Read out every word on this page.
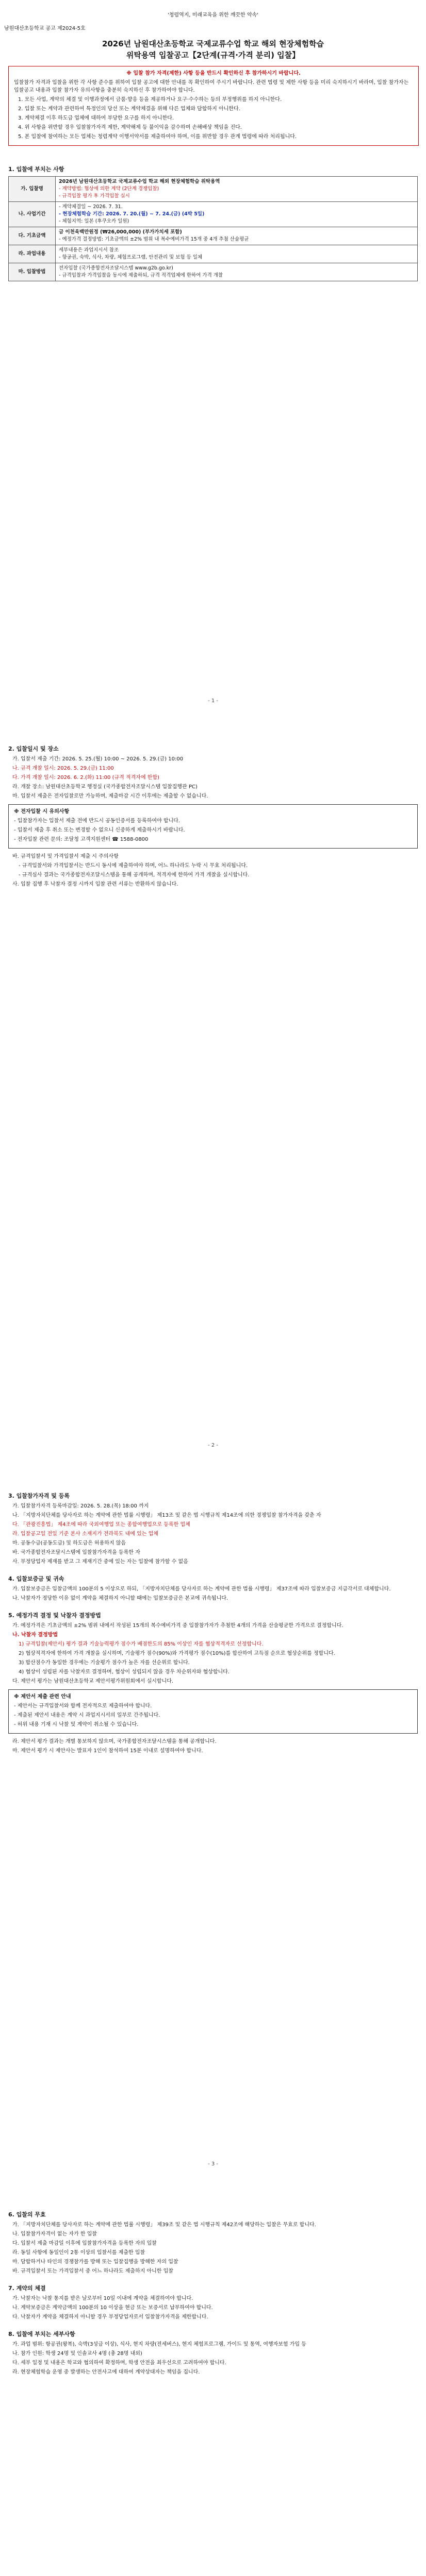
'청렴역지, 미래교육을 위한 깨끗한 약속'
남원대산초등학교 공고 제2024-5호
2026년 남원대산초등학교 국제교류수업 학교 해외 현장체험학습
위탁용역 입찰공고【2단계(규격·가격 분리) 입찰】
※ 입찰 참가 자격(제한) 사항 등을 반드시 확인하신 후 참가하시기 바랍니다.
입찰참가 자격과 입찰을 위한 각 사항 준수를 위하여 입찰 공고에 대한 안내를 꼭 확인하여 주시기 바랍니다. 관련 법령 및 제한 사항 등을 미리 숙지하시기 바라며, 입찰 참가자는 입찰공고 내용과 입찰 참가자 유의사항을 충분히 숙지하신 후 참가하여야 합니다.
1. 모든 사업, 계약의 체결 및 이행과정에서 금품·향응 등을 제공하거나 요구·수수하는 등의 부정행위를 하지 아니한다.
2. 입찰 또는 계약과 관련하여 특정인의 당선 또는 계약체결을 위해 다른 업체와 담합하지 아니한다.
3. 계약체결 이후 하도급 업체에 대하여 부당한 요구를 하지 아니한다.
4. 위 사항을 위반할 경우 입찰참가자격 제한, 계약해제 등 불이익을 감수하며 손해배상 책임을 진다.
5. 본 입찰에 참여하는 모든 업체는 청렴계약 이행서약서를 제출하여야 하며, 이를 위반할 경우 관계 법령에 따라 처리됩니다.
1. 입찰에 부치는 사항
가. 입찰명	2026년 남원대산초등학교 국제교류수업 학교 해외 현장체험학습 위탁용역
- 계약방법: 협상에 의한 계약 (2단계 경쟁입찰)
- 규격입찰 평가 후 가격입찰 실시

나. 사업기간	- 계약체결일 ~ 2026. 7. 31.
- 현장체험학습 기간: 2026. 7. 20.(월) ~ 7. 24.(금) (4박 5일)
- 체험지역: 일본 (후쿠오카 일원)

다. 기초금액	금 이천육백만원정 (₩26,000,000) (부가가치세 포함)
- 예정가격 결정방법: 기초금액의 ±2% 범위 내 복수예비가격 15개 중 4개 추첨 산술평균

라. 과업내용	세부내용은 과업지시서 참조
- 항공권, 숙박, 식사, 차량, 체험프로그램, 안전관리 및 보험 등 일체

마. 입찰방법	전자입찰 (국가종합전자조달시스템 www.g2b.go.kr)
- 규격입찰과 가격입찰을 동시에 제출하되, 규격 적격업체에 한하여 가격 개찰
- 1 -
2. 입찰일시 및 장소
가. 입찰서 제출 기간: 2026. 5. 25.(월) 10:00 ~ 2026. 5. 29.(금) 10:00
나. 규격 개찰 일시: 2026. 5. 29.(금) 11:00
다. 가격 개찰 일시: 2026. 6. 2.(화) 11:00 (규격 적격자에 한함)
라. 개찰 장소: 남원대산초등학교 행정실 (국가종합전자조달시스템 입찰집행관 PC)
마. 입찰서 제출은 전자입찰로만 가능하며, 제출마감 시간 이후에는 제출할 수 없습니다.
※ 전자입찰 시 유의사항
- 입찰참가자는 입찰서 제출 전에 반드시 공동인증서를 등록하여야 합니다.
- 입찰서 제출 후 취소 또는 변경할 수 없으니 신중하게 제출하시기 바랍니다.
- 전자입찰 관련 문의: 조달청 고객지원센터 ☎ 1588-0800
바. 규격입찰서 및 가격입찰서 제출 시 주의사항
- 규격입찰서와 가격입찰서는 반드시 동시에 제출하여야 하며, 어느 하나라도 누락 시 무효 처리됩니다.
- 규격심사 결과는 국가종합전자조달시스템을 통해 공개하며, 적격자에 한하여 가격 개찰을 실시합니다.
사. 입찰 집행 후 낙찰자 결정 시까지 입찰 관련 서류는 반환하지 않습니다.
- 2 -
3. 입찰참가자격 및 등록
가. 입찰참가자격 등록마감일: 2026. 5. 28.(목) 18:00 까지
나. 「지방자치단체를 당사자로 하는 계약에 관한 법률 시행령」 제13조 및 같은 법 시행규칙 제14조에 의한 경쟁입찰 참가자격을 갖춘 자
다. 「관광진흥법」 제4조에 따라 국외여행업 또는 종합여행업으로 등록한 업체
라. 입찰공고일 전일 기준 본사 소재지가 전라북도 내에 있는 업체
마. 공동수급(공동도급) 및 하도급은 허용하지 않음
바. 국가종합전자조달시스템에 입찰참가자격을 등록한 자
사. 부정당업자 제재를 받고 그 제재기간 중에 있는 자는 입찰에 참가할 수 없음
4. 입찰보증금 및 귀속
가. 입찰보증금은 입찰금액의 100분의 5 이상으로 하되, 「지방자치단체를 당사자로 하는 계약에 관한 법률 시행령」 제37조에 따라 입찰보증금 지급각서로 대체합니다.
나. 낙찰자가 정당한 이유 없이 계약을 체결하지 아니할 때에는 입찰보증금은 본교에 귀속됩니다.
5. 예정가격 결정 및 낙찰자 결정방법
가. 예정가격은 기초금액의 ±2% 범위 내에서 작성된 15개의 복수예비가격 중 입찰참가자가 추첨한 4개의 가격을 산술평균한 가격으로 결정합니다.
나. 낙찰자 결정방법
1) 규격입찰(제안서) 평가 결과 기술능력평가 점수가 배점한도의 85% 이상인 자를 협상적격자로 선정합니다.
2) 협상적격자에 한하여 가격 개찰을 실시하며, 기술평가 점수(90%)와 가격평가 점수(10%)를 합산하여 고득점 순으로 협상순위를 정합니다.
3) 합산점수가 동일한 경우에는 기술평가 점수가 높은 자를 선순위로 합니다.
4) 협상이 성립된 자를 낙찰자로 결정하며, 협상이 성립되지 않을 경우 차순위자와 협상합니다.
다. 제안서 평가는 남원대산초등학교 제안서평가위원회에서 실시합니다.
※ 제안서 제출 관련 안내
- 제안서는 규격입찰서와 함께 전자적으로 제출하여야 합니다.
- 제출된 제안서 내용은 계약 시 과업지시서의 일부로 간주됩니다.
- 허위 내용 기재 시 낙찰 및 계약이 취소될 수 있습니다.
라. 제안서 평가 결과는 개별 통보하지 않으며, 국가종합전자조달시스템을 통해 공개합니다.
마. 제안서 평가 시 제안사는 발표자 1인이 참석하여 15분 이내로 설명하여야 합니다.
- 3 -
6. 입찰의 무효
가. 「지방자치단체를 당사자로 하는 계약에 관한 법률 시행령」 제39조 및 같은 법 시행규칙 제42조에 해당하는 입찰은 무효로 합니다.
나. 입찰참가자격이 없는 자가 한 입찰
다. 입찰서 제출 마감일 이후에 입찰참가자격을 등록한 자의 입찰
라. 동일 사항에 동일인이 2통 이상의 입찰서를 제출한 입찰
마. 담합하거나 타인의 경쟁참가를 방해 또는 입찰집행을 방해한 자의 입찰
바. 규격입찰서 또는 가격입찰서 중 어느 하나라도 제출하지 아니한 입찰
7. 계약의 체결
가. 낙찰자는 낙찰 통지를 받은 날로부터 10일 이내에 계약을 체결하여야 합니다.
나. 계약보증금은 계약금액의 100분의 10 이상을 현금 또는 보증서로 납부하여야 합니다.
다. 낙찰자가 계약을 체결하지 아니할 경우 부정당업자로서 입찰참가자격을 제한합니다.
8. 입찰에 부치는 세부사항
가. 과업 범위: 항공권(왕복), 숙박(3성급 이상), 식사, 현지 차량(전세버스), 현지 체험프로그램, 가이드 및 통역, 여행자보험 가입 등
나. 참가 인원: 학생 24명 및 인솔교사 4명 (총 28명 내외)
다. 세부 일정 및 내용은 학교와 협의하여 확정하며, 학생 안전을 최우선으로 고려하여야 합니다.
라. 현장체험학습 운영 중 발생하는 안전사고에 대하여 계약상대자는 책임을 집니다.
